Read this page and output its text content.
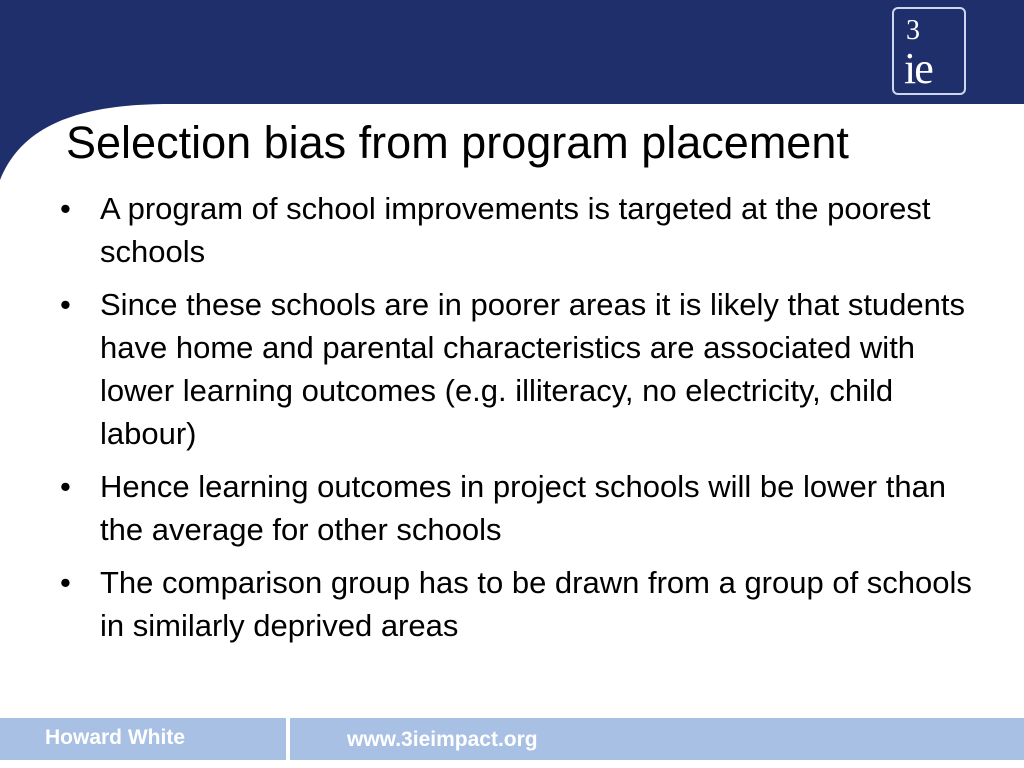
3
ie
Selection bias from program placement
• A program of school improvements is targeted at the poorest schools
• Since these schools are in poorer areas it is likely that students have home and parental characteristics are associated with lower learning outcomes (e.g. illiteracy, no electricity, child labour)
• Hence learning outcomes in project schools will be lower than the average for other schools
• The comparison group has to be drawn from a group of schools in similarly deprived areas
Howard White	www.3ieimpact.org
